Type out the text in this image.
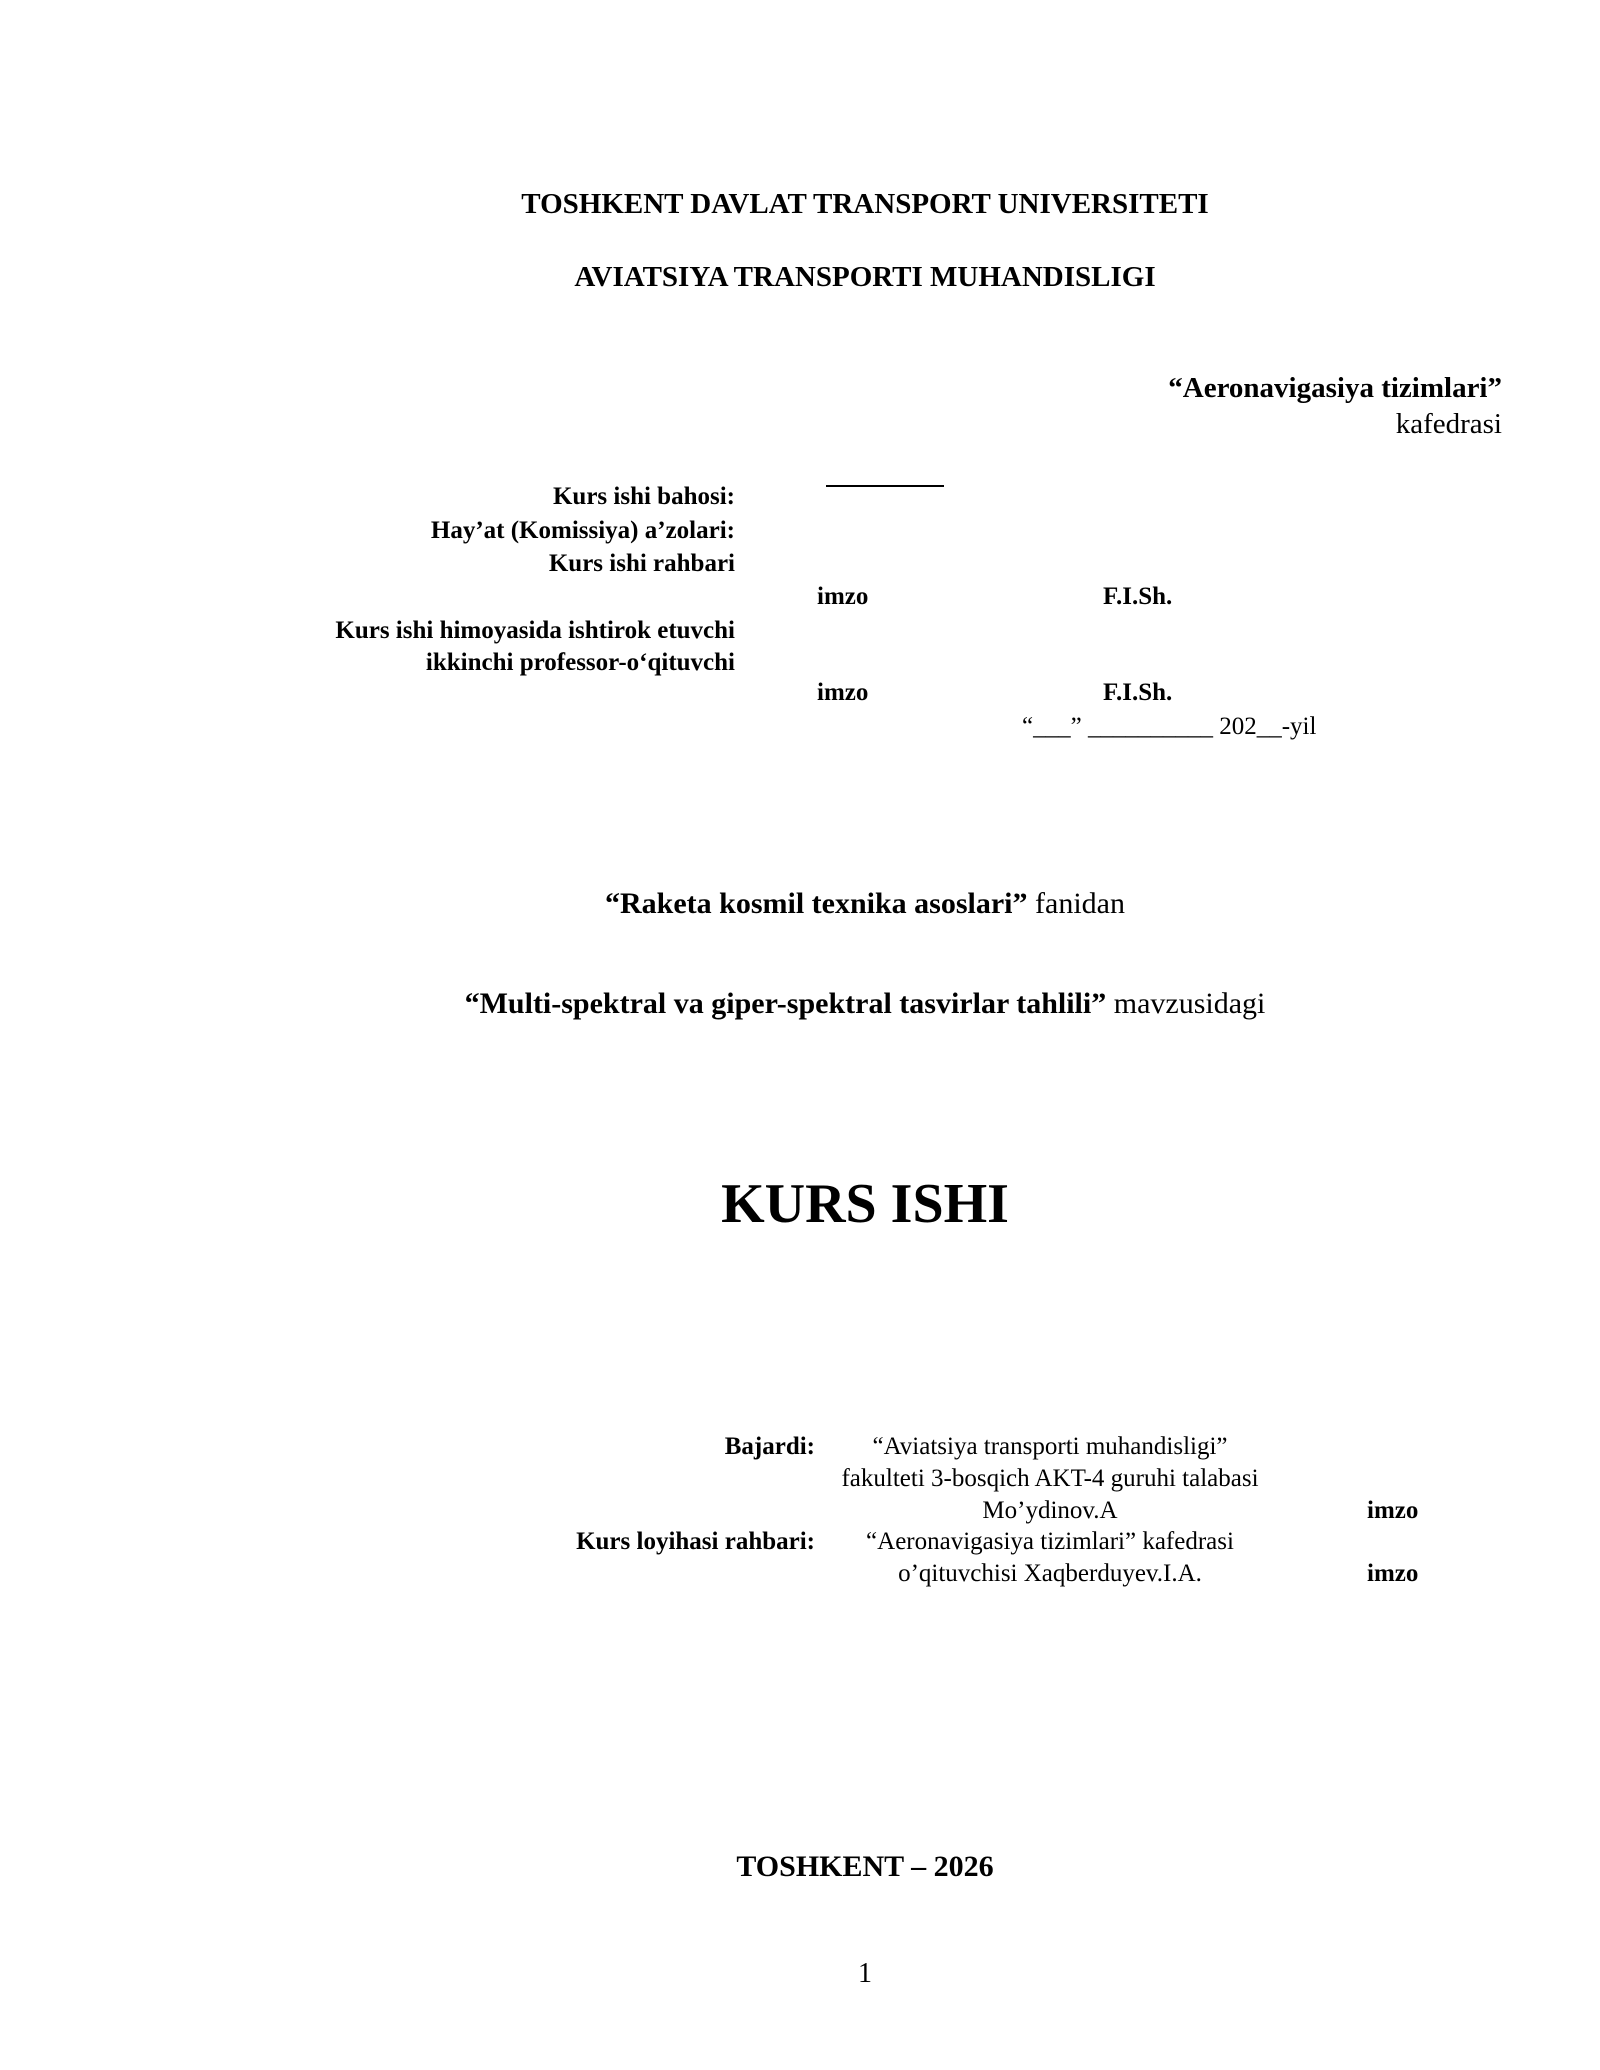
TOSHKENT DAVLAT TRANSPORT UNIVERSITETI
AVIATSIYA TRANSPORTI MUHANDISLIGI
“Aeronavigasiya tizimlari”
kafedrasi
Kurs ishi bahosi:
Hay’at (Komissiya) a’zolari:
Kurs ishi rahbari
imzo	F.I.Sh.
Kurs ishi himoyasida ishtirok etuvchi
ikkinchi professor-o‘qituvchi
imzo	F.I.Sh.
“___” __________ 202__-yil
“Raketa kosmil texnika asoslari” fanidan
“Multi-spektral va giper-spektral tasvirlar tahlili” mavzusidagi
KURS ISHI
Bajardi:	“Aviatsiya transporti muhandisligi”
fakulteti 3-bosqich AKT-4 guruhi talabasi
Mo’ydinov.A	imzo
Kurs loyihasi rahbari:	“Aeronavigasiya tizimlari” kafedrasi
o’qituvchisi Xaqberduyev.I.A.	imzo
TOSHKENT – 2026
1
